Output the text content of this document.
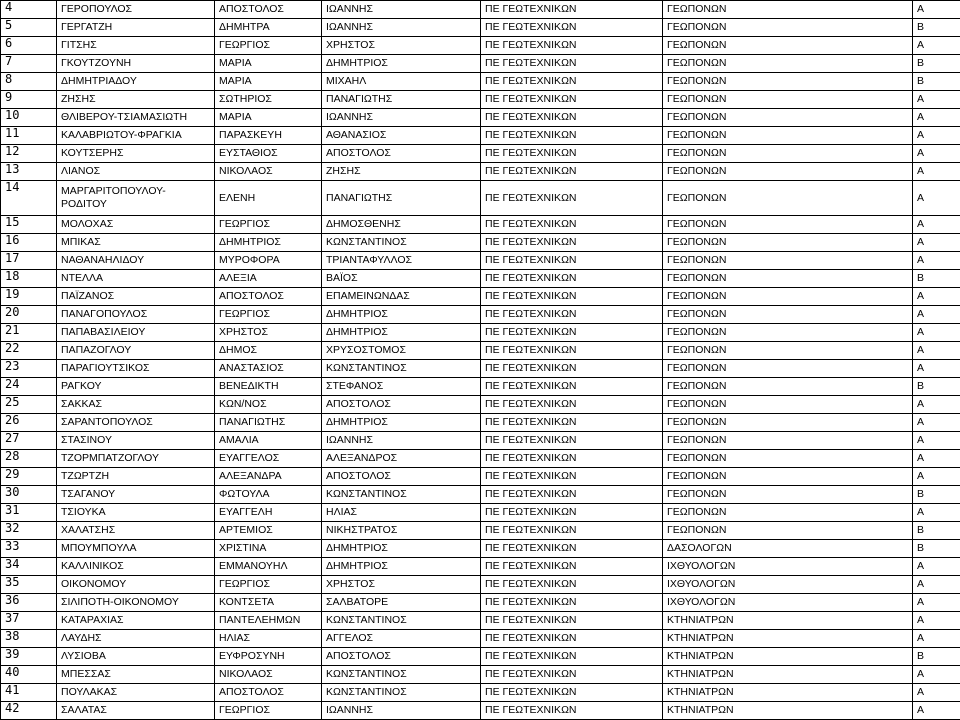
4	ΓΕΡΟΠΟΥΛΟΣ	ΑΠΟΣΤΟΛΟΣ	ΙΩΑΝΝΗΣ	ΠΕ ΓΕΩΤΕΧΝΙΚΩΝ	ΓΕΩΠΟΝΩΝ	Α
5	ΓΕΡΓΑΤΖΗ	ΔΗΜΗΤΡΑ	ΙΩΑΝΝΗΣ	ΠΕ ΓΕΩΤΕΧΝΙΚΩΝ	ΓΕΩΠΟΝΩΝ	Β
6	ΓΙΤΣΗΣ	ΓΕΩΡΓΙΟΣ	ΧΡΗΣΤΟΣ	ΠΕ ΓΕΩΤΕΧΝΙΚΩΝ	ΓΕΩΠΟΝΩΝ	Α
7	ΓΚΟΥΤΖΟΥΝΗ	ΜΑΡΙΑ	ΔΗΜΗΤΡΙΟΣ	ΠΕ ΓΕΩΤΕΧΝΙΚΩΝ	ΓΕΩΠΟΝΩΝ	Β
8	ΔΗΜΗΤΡΙΑΔΟΥ	ΜΑΡΙΑ	ΜΙΧΑΗΛ	ΠΕ ΓΕΩΤΕΧΝΙΚΩΝ	ΓΕΩΠΟΝΩΝ	Β
9	ΖΗΣΗΣ	ΣΩΤΗΡΙΟΣ	ΠΑΝΑΓΙΩΤΗΣ	ΠΕ ΓΕΩΤΕΧΝΙΚΩΝ	ΓΕΩΠΟΝΩΝ	Α
10	ΘΛΙΒΕΡΟΥ-ΤΣΙΑΜΑΣΙΩΤΗ	ΜΑΡΙΑ	ΙΩΑΝΝΗΣ	ΠΕ ΓΕΩΤΕΧΝΙΚΩΝ	ΓΕΩΠΟΝΩΝ	Α
11	ΚΑΛΑΒΡΙΩΤΟΥ-ΦΡΑΓΚΙΑ	ΠΑΡΑΣΚΕΥΗ	ΑΘΑΝΑΣΙΟΣ	ΠΕ ΓΕΩΤΕΧΝΙΚΩΝ	ΓΕΩΠΟΝΩΝ	Α
12	ΚΟΥΤΣΕΡΗΣ	ΕΥΣΤΑΘΙΟΣ	ΑΠΟΣΤΟΛΟΣ	ΠΕ ΓΕΩΤΕΧΝΙΚΩΝ	ΓΕΩΠΟΝΩΝ	Α
13	ΛΙΑΝΟΣ	ΝΙΚΟΛΑΟΣ	ΖΗΣΗΣ	ΠΕ ΓΕΩΤΕΧΝΙΚΩΝ	ΓΕΩΠΟΝΩΝ	Α
14	ΜΑΡΓΑΡΙΤΟΠΟΥΛΟΥ-ΡΟΔΙΤΟΥ	ΕΛΕΝΗ	ΠΑΝΑΓΙΩΤΗΣ	ΠΕ ΓΕΩΤΕΧΝΙΚΩΝ	ΓΕΩΠΟΝΩΝ	Α
15	ΜΟΛΟΧΑΣ	ΓΕΩΡΓΙΟΣ	ΔΗΜΟΣΘΕΝΗΣ	ΠΕ ΓΕΩΤΕΧΝΙΚΩΝ	ΓΕΩΠΟΝΩΝ	Α
16	ΜΠΙΚΑΣ	ΔΗΜΗΤΡΙΟΣ	ΚΩΝΣΤΑΝΤΙΝΟΣ	ΠΕ ΓΕΩΤΕΧΝΙΚΩΝ	ΓΕΩΠΟΝΩΝ	Α
17	ΝΑΘΑΝΑΗΛΙΔΟΥ	ΜΥΡΟΦΟΡΑ	ΤΡΙΑΝΤΑΦΥΛΛΟΣ	ΠΕ ΓΕΩΤΕΧΝΙΚΩΝ	ΓΕΩΠΟΝΩΝ	Α
18	ΝΤΕΛΛΑ	ΑΛΕΞΙΑ	ΒΑΪΟΣ	ΠΕ ΓΕΩΤΕΧΝΙΚΩΝ	ΓΕΩΠΟΝΩΝ	Β
19	ΠΑΪΖΑΝΟΣ	ΑΠΟΣΤΟΛΟΣ	ΕΠΑΜΕΙΝΩΝΔΑΣ	ΠΕ ΓΕΩΤΕΧΝΙΚΩΝ	ΓΕΩΠΟΝΩΝ	Α
20	ΠΑΝΑΓΟΠΟΥΛΟΣ	ΓΕΩΡΓΙΟΣ	ΔΗΜΗΤΡΙΟΣ	ΠΕ ΓΕΩΤΕΧΝΙΚΩΝ	ΓΕΩΠΟΝΩΝ	Α
21	ΠΑΠΑΒΑΣΙΛΕΙΟΥ	ΧΡΗΣΤΟΣ	ΔΗΜΗΤΡΙΟΣ	ΠΕ ΓΕΩΤΕΧΝΙΚΩΝ	ΓΕΩΠΟΝΩΝ	Α
22	ΠΑΠΑΖΟΓΛΟΥ	ΔΗΜΟΣ	ΧΡΥΣΟΣΤΟΜΟΣ	ΠΕ ΓΕΩΤΕΧΝΙΚΩΝ	ΓΕΩΠΟΝΩΝ	Α
23	ΠΑΡΑΓΙΟΥΤΣΙΚΟΣ	ΑΝΑΣΤΑΣΙΟΣ	ΚΩΝΣΤΑΝΤΙΝΟΣ	ΠΕ ΓΕΩΤΕΧΝΙΚΩΝ	ΓΕΩΠΟΝΩΝ	Α
24	ΡΑΓΚΟΥ	ΒΕΝΕΔΙΚΤΗ	ΣΤΕΦΑΝΟΣ	ΠΕ ΓΕΩΤΕΧΝΙΚΩΝ	ΓΕΩΠΟΝΩΝ	Β
25	ΣΑΚΚΑΣ	ΚΩΝ/ΝΟΣ	ΑΠΟΣΤΟΛΟΣ	ΠΕ ΓΕΩΤΕΧΝΙΚΩΝ	ΓΕΩΠΟΝΩΝ	Α
26	ΣΑΡΑΝΤΟΠΟΥΛΟΣ	ΠΑΝΑΓΙΩΤΗΣ	ΔΗΜΗΤΡΙΟΣ	ΠΕ ΓΕΩΤΕΧΝΙΚΩΝ	ΓΕΩΠΟΝΩΝ	Α
27	ΣΤΑΣΙΝΟΥ	ΑΜΑΛΙΑ	ΙΩΑΝΝΗΣ	ΠΕ ΓΕΩΤΕΧΝΙΚΩΝ	ΓΕΩΠΟΝΩΝ	Α
28	ΤΖΟΡΜΠΑΤΖΟΓΛΟΥ	ΕΥΑΓΓΕΛΟΣ	ΑΛΕΞΑΝΔΡΟΣ	ΠΕ ΓΕΩΤΕΧΝΙΚΩΝ	ΓΕΩΠΟΝΩΝ	Α
29	ΤΖΩΡΤΖΗ	ΑΛΕΞΑΝΔΡΑ	ΑΠΟΣΤΟΛΟΣ	ΠΕ ΓΕΩΤΕΧΝΙΚΩΝ	ΓΕΩΠΟΝΩΝ	Α
30	ΤΣΑΓΑΝΟΥ	ΦΩΤΟΥΛΑ	ΚΩΝΣΤΑΝΤΙΝΟΣ	ΠΕ ΓΕΩΤΕΧΝΙΚΩΝ	ΓΕΩΠΟΝΩΝ	Β
31	ΤΣΙΟΥΚΑ	ΕΥΑΓΓΕΛΗ	ΗΛΙΑΣ	ΠΕ ΓΕΩΤΕΧΝΙΚΩΝ	ΓΕΩΠΟΝΩΝ	Α
32	ΧΑΛΑΤΣΗΣ	ΑΡΤΕΜΙΟΣ	ΝΙΚΗΣΤΡΑΤΟΣ	ΠΕ ΓΕΩΤΕΧΝΙΚΩΝ	ΓΕΩΠΟΝΩΝ	Β
33	ΜΠΟΥΜΠΟΥΛΑ	ΧΡΙΣΤΙΝΑ	ΔΗΜΗΤΡΙΟΣ	ΠΕ ΓΕΩΤΕΧΝΙΚΩΝ	ΔΑΣΟΛΟΓΩΝ	Β
34	ΚΑΛΛΙΝΙΚΟΣ	ΕΜΜΑΝΟΥΗΛ	ΔΗΜΗΤΡΙΟΣ	ΠΕ ΓΕΩΤΕΧΝΙΚΩΝ	ΙΧΘΥΟΛΟΓΩΝ	Α
35	ΟΙΚΟΝΟΜΟΥ	ΓΕΩΡΓΙΟΣ	ΧΡΗΣΤΟΣ	ΠΕ ΓΕΩΤΕΧΝΙΚΩΝ	ΙΧΘΥΟΛΟΓΩΝ	Α
36	ΣΙΛΙΠΟΤΗ-ΟΙΚΟΝΟΜΟΥ	ΚΟΝΤΣΕΤΑ	ΣΑΛΒΑΤΟΡΕ	ΠΕ ΓΕΩΤΕΧΝΙΚΩΝ	ΙΧΘΥΟΛΟΓΩΝ	Α
37	ΚΑΤΑΡΑΧΙΑΣ	ΠΑΝΤΕΛΕΗΜΩΝ	ΚΩΝΣΤΑΝΤΙΝΟΣ	ΠΕ ΓΕΩΤΕΧΝΙΚΩΝ	ΚΤΗΝΙΑΤΡΩΝ	Α
38	ΛΑΥΔΗΣ	ΗΛΙΑΣ	ΑΓΓΕΛΟΣ	ΠΕ ΓΕΩΤΕΧΝΙΚΩΝ	ΚΤΗΝΙΑΤΡΩΝ	Α
39	ΛΥΣΙΟΒΑ	ΕΥΦΡΟΣΥΝΗ	ΑΠΟΣΤΟΛΟΣ	ΠΕ ΓΕΩΤΕΧΝΙΚΩΝ	ΚΤΗΝΙΑΤΡΩΝ	Β
40	ΜΠΕΣΣΑΣ	ΝΙΚΟΛΑΟΣ	ΚΩΝΣΤΑΝΤΙΝΟΣ	ΠΕ ΓΕΩΤΕΧΝΙΚΩΝ	ΚΤΗΝΙΑΤΡΩΝ	Α
41	ΠΟΥΛΑΚΑΣ	ΑΠΟΣΤΟΛΟΣ	ΚΩΝΣΤΑΝΤΙΝΟΣ	ΠΕ ΓΕΩΤΕΧΝΙΚΩΝ	ΚΤΗΝΙΑΤΡΩΝ	Α
42	ΣΑΛΑΤΑΣ	ΓΕΩΡΓΙΟΣ	ΙΩΑΝΝΗΣ	ΠΕ ΓΕΩΤΕΧΝΙΚΩΝ	ΚΤΗΝΙΑΤΡΩΝ	Α
